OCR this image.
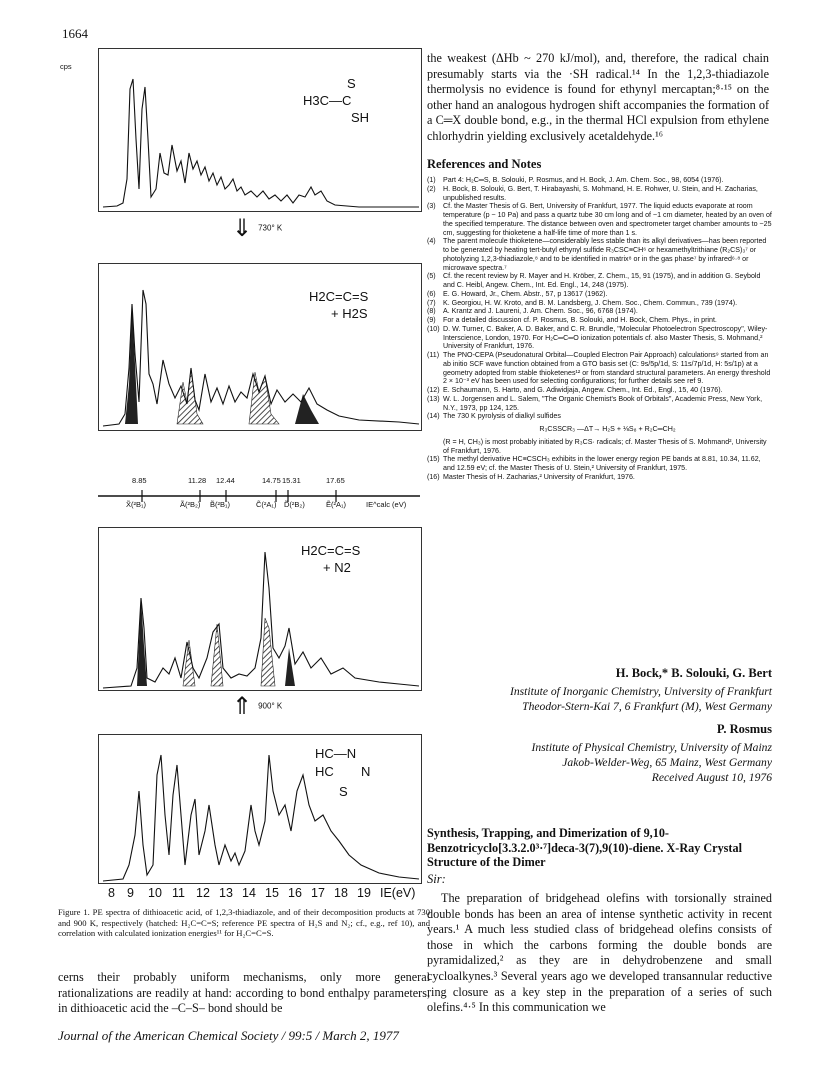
1664
cps
S
H3C—C
SH
⇓ 730° K
H2C=C=S
+ H2S
8.85	11.28 12.44	14.75 15.31	17.65
X̃(²B₁)	Ã(²B₂) B̃(²B₁)	C̃(²A₁) D̃(²B₂)	Ẽ(²A₁)	IE^calc (eV)
H2C=C=S
+ N2
⇑ 900° K
HC—N
HC N
S
8 9 10 11 12 13 14 15 16 17 18 19 IE(eV)
Figure 1. PE spectra of dithioacetic acid, of 1,2,3-thiadiazole, and of their decomposition products at 730 and 900 K, respectively (hatched: H₂C=C=S; reference PE spectra of H₂S and N₂; cf., e.g., ref 10), and correlation with calculated ionization energies¹¹ for H₂C=C=S.
cerns their probably uniform mechanisms, only more general rationalizations are readily at hand: according to bond enthalpy parameters, in dithioacetic acid the –C–S– bond should be
the weakest (ΔHb ~ 270 kJ/mol), and, therefore, the radical chain presumably starts via the ·SH radical.¹⁴ In the 1,2,3-thiadiazole thermolysis no evidence is found for ethynyl mercaptan;⁸·¹⁵ on the other hand an analogous hydrogen shift accompanies the formation of a C═X double bond, e.g., in the thermal HCl expulsion from ethylene chlorhydrin yielding exclusively acetaldehyde.¹⁶
References and Notes
(1) Part 4: H₂C═S, B. Solouki, P. Rosmus, and H. Bock, J. Am. Chem. Soc., 98, 6054 (1976).
(2) H. Bock, B. Solouki, G. Bert, T. Hirabayashi, S. Mohmand, H. E. Rohwer, U. Stein, and H. Zacharias, unpublished results.
(3) Cf. the Master Thesis of G. Bert, University of Frankfurt, 1977. The liquid educts evaporate at room temperature (p ~ 10 Pa) and pass a quartz tube 30 cm long and of ~1 cm diameter, heated by an oven of the specified temperature. The distance between oven and spectrometer target chamber amounts to ~25 cm, suggesting for thioketene a half-life time of more than 1 s.
(4) The parent molecule thioketene—considerably less stable than its alkyl derivatives—has been reported to be generated by heating tert-butyl ethynyl sulfide R₃CSC≡CH⁶ or hexamethyltrithiane (R₂CS)₃⁷ or photolyzing 1,2,3-thiadiazole,⁸ and to be identified in matrix⁸ or in the gas phase⁷ by infrared⁶·⁸ or microwave spectra.⁷
(5) Cf. the recent review by R. Mayer and H. Kröber, Z. Chem., 15, 91 (1975), and in addition G. Seybold and C. Heibl, Angew. Chem., Int. Ed. Engl., 14, 248 (1975).
(6) E. G. Howard, Jr., Chem. Abstr., 57, p 13617 (1962).
(7) K. Georgiou, H. W. Kroto, and B. M. Landsberg, J. Chem. Soc., Chem. Commun., 739 (1974).
(8) A. Krantz and J. Laureni, J. Am. Chem. Soc., 96, 6768 (1974).
(9) For a detailed discussion cf. P. Rosmus, B. Solouki, and H. Bock, Chem. Phys., in print.
(10) D. W. Turner, C. Baker, A. D. Baker, and C. R. Brundle, "Molecular Photoelectron Spectroscopy", Wiley-Interscience, London, 1970. For H₂C═C═O ionization potentials cf. also Master Thesis, S. Mohmand,² University of Frankfurt, 1976.
(11) The PNO-CEPA (Pseudonatural Orbital—Coupled Electron Pair Approach) calculations⁹ started from an ab initio SCF wave function obtained from a GTO basis set (C: 9s/5p/1d, S: 11s/7p/1d, H: 5s/1p) at a geometry adopted from stable thioketenes¹² or from standard structural parameters. An energy threshold 2 × 10⁻³ eV has been used for selecting configurations; for further details see ref 9.
(12) E. Schaumann, S. Harto, and G. Adiwidjaja, Angew. Chem., Int. Ed., Engl., 15, 40 (1976).
(13) W. L. Jorgensen and L. Salem, "The Organic Chemist's Book of Orbitals", Academic Press, New York, N.Y., 1973, pp 124, 125.
(14) The 730 K pyrolysis of dialkyl sulfides
R₃CSSCR₃ —ΔT→ H₂S + ⅛S₈ + R₂C═CH₂
(R = H, CH₃) is most probably initiated by R₃CS· radicals; cf. Master Thesis of S. Mohmand², University of Frankfurt, 1976.
(15) The methyl derivative HC≡CSCH₃ exhibits in the lower energy region PE bands at 8.81, 10.34, 11.62, and 12.59 eV; cf. the Master Thesis of U. Stein,² University of Frankfurt, 1975.
(16) Master Thesis of H. Zacharias,² University of Frankfurt, 1976.
H. Bock,* B. Solouki, G. Bert
Institute of Inorganic Chemistry, University of Frankfurt
Theodor-Stern-Kai 7, 6 Frankfurt (M), West Germany
P. Rosmus
Institute of Physical Chemistry, University of Mainz
Jakob-Welder-Weg, 65 Mainz, West Germany
Received August 10, 1976
Synthesis, Trapping, and Dimerization of 9,10-Benzotricyclo[3.3.2.0³·⁷]deca-3(7),9(10)-diene. X-Ray Crystal Structure of the Dimer
Sir:
The preparation of bridgehead olefins with torsionally strained double bonds has been an area of intense synthetic activity in recent years.¹ A much less studied class of bridgehead olefins consists of those in which the carbons forming the double bonds are pyramidalized,² as they are in dehydrobenzene and small cycloalkynes.³ Several years ago we developed transannular reductive ring closure as a key step in the preparation of a series of such olefins.⁴·⁵ In this communication we
Journal of the American Chemical Society / 99:5 / March 2, 1977
